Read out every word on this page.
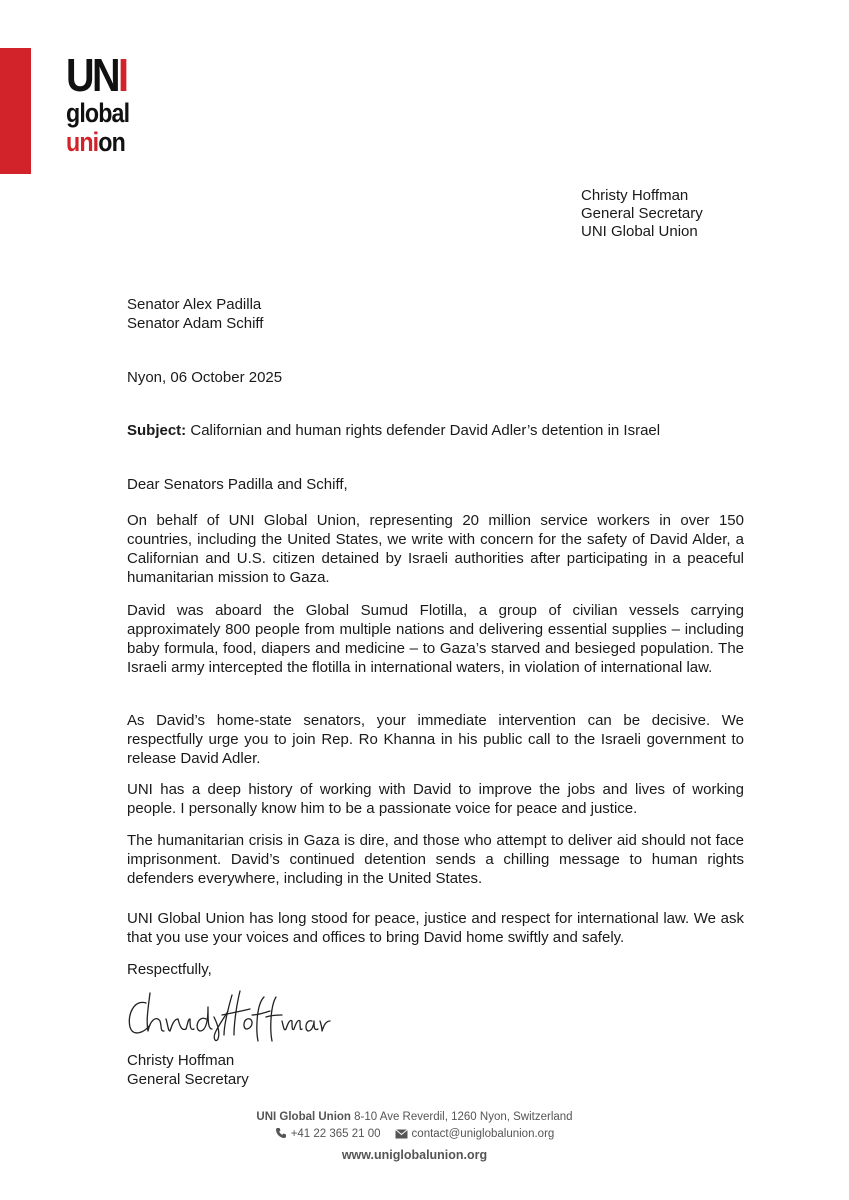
UN I
global
union
Christy Hoffman
General Secretary
UNI Global Union
Senator Alex Padilla
Senator Adam Schiff
Nyon, 06 October 2025
Subject: Californian and human rights defender David Adler’s detention in Israel
Dear Senators Padilla and Schiff,
On behalf of UNI Global Union, representing 20 million service workers in over 150 countries, including the United States, we write with concern for the safety of David Alder, a Californian and U.S. citizen detained by Israeli authorities after participating in a peaceful humanitarian mission to Gaza.
David was aboard the Global Sumud Flotilla, a group of civilian vessels carrying approximately 800 people from multiple nations and delivering essential supplies – including baby formula, food, diapers and medicine – to Gaza’s starved and besieged population. The Israeli army intercepted the flotilla in international waters, in violation of international law.
As David’s home-state senators, your immediate intervention can be decisive. We respectfully urge you to join Rep. Ro Khanna in his public call to the Israeli government to release David Adler.
UNI has a deep history of working with David to improve the jobs and lives of working people. I personally know him to be a passionate voice for peace and justice.
The humanitarian crisis in Gaza is dire, and those who attempt to deliver aid should not face imprisonment. David’s continued detention sends a chilling message to human rights defenders everywhere, including in the United States.
UNI Global Union has long stood for peace, justice and respect for international law. We ask that you use your voices and offices to bring David home swiftly and safely.
Respectfully,
Christy Hoffman
General Secretary
UNI Global Union 8-10 Ave Reverdil, 1260 Nyon, Switzerland
+41 22 365 21 00	contact@uniglobalunion.org
www.uniglobalunion.org
